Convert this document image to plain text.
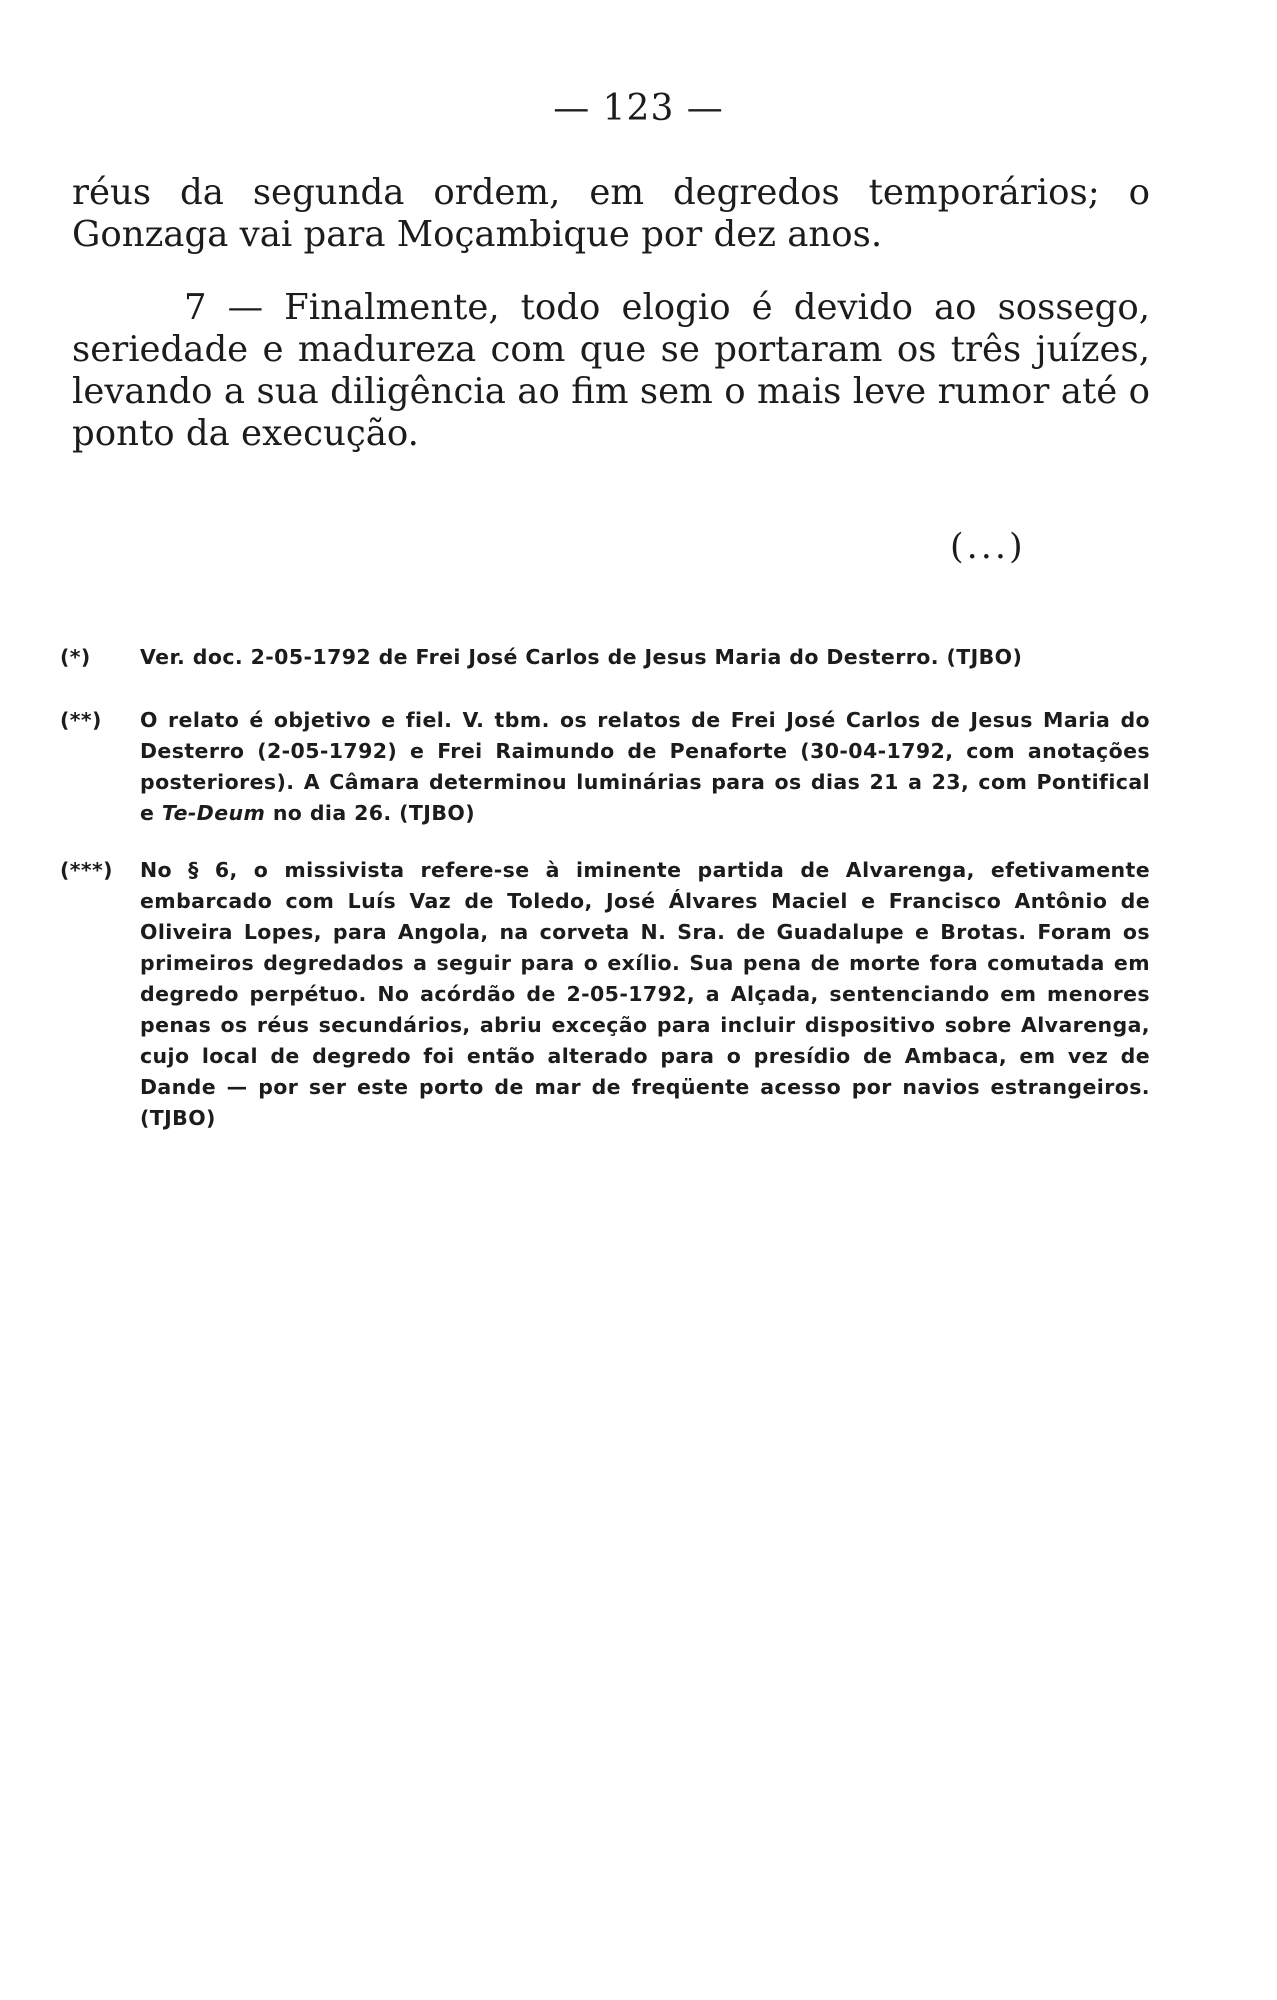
— 123 —

réus da segunda ordem, em degredos temporários; o Gonzaga vai para Moçambique por dez anos.

7 — Finalmente, todo elogio é devido ao sossego, seriedade e madureza com que se portaram os três juízes, levando a sua diligência ao fim sem o mais leve rumor até o ponto da execução.

(...)
(*)	Ver. doc. 2-05-1792 de Frei José Carlos de Jesus Maria do Desterro. (TJBO)
(**)	O relato é objetivo e fiel. V. tbm. os relatos de Frei José Carlos de Jesus Maria do Desterro (2-05-1792) e Frei Raimundo de Penaforte (30-04-1792, com anotações posteriores). A Câmara determinou luminárias para os dias 21 a 23, com Pontifical e Te-Deum no dia 26. (TJBO)
(***)	No § 6, o missivista refere-se à iminente partida de Alvarenga, efetivamente embarcado com Luís Vaz de Toledo, José Álvares Maciel e Francisco Antônio de Oliveira Lopes, para Angola, na corveta N. Sra. de Guadalupe e Brotas. Foram os primeiros degredados a seguir para o exílio. Sua pena de morte fora comutada em degredo perpétuo. No acórdão de 2-05-1792, a Alçada, sentenciando em menores penas os réus secundários, abriu exceção para incluir dispositivo sobre Alvarenga, cujo local de degredo foi então alterado para o presídio de Ambaca, em vez de Dande — por ser este porto de mar de freqüente acesso por navios estrangeiros. (TJBO)
